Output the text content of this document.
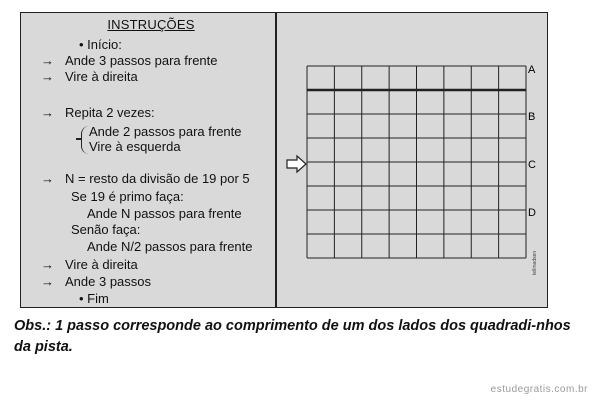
INSTRUÇÕES
• Início:
→ Ande 3 passos para frente
→ Vire à direita
→ Repita 2 vezes:
Ande 2 passos para frente
Vire à esquerda
→ N = resto da divisão de 19 por 5
Se 19 é primo faça:
Ande N passos para frente
Senão faça:
Ande N/2 passos para frente
→ Vire à direita
→ Ande 3 passos
• Fim
A
B
C
D
tellmadsen
Obs.: 1 passo corresponde ao comprimento de um dos lados dos quadradi-nhos da pista.
estudegratis.com.br
